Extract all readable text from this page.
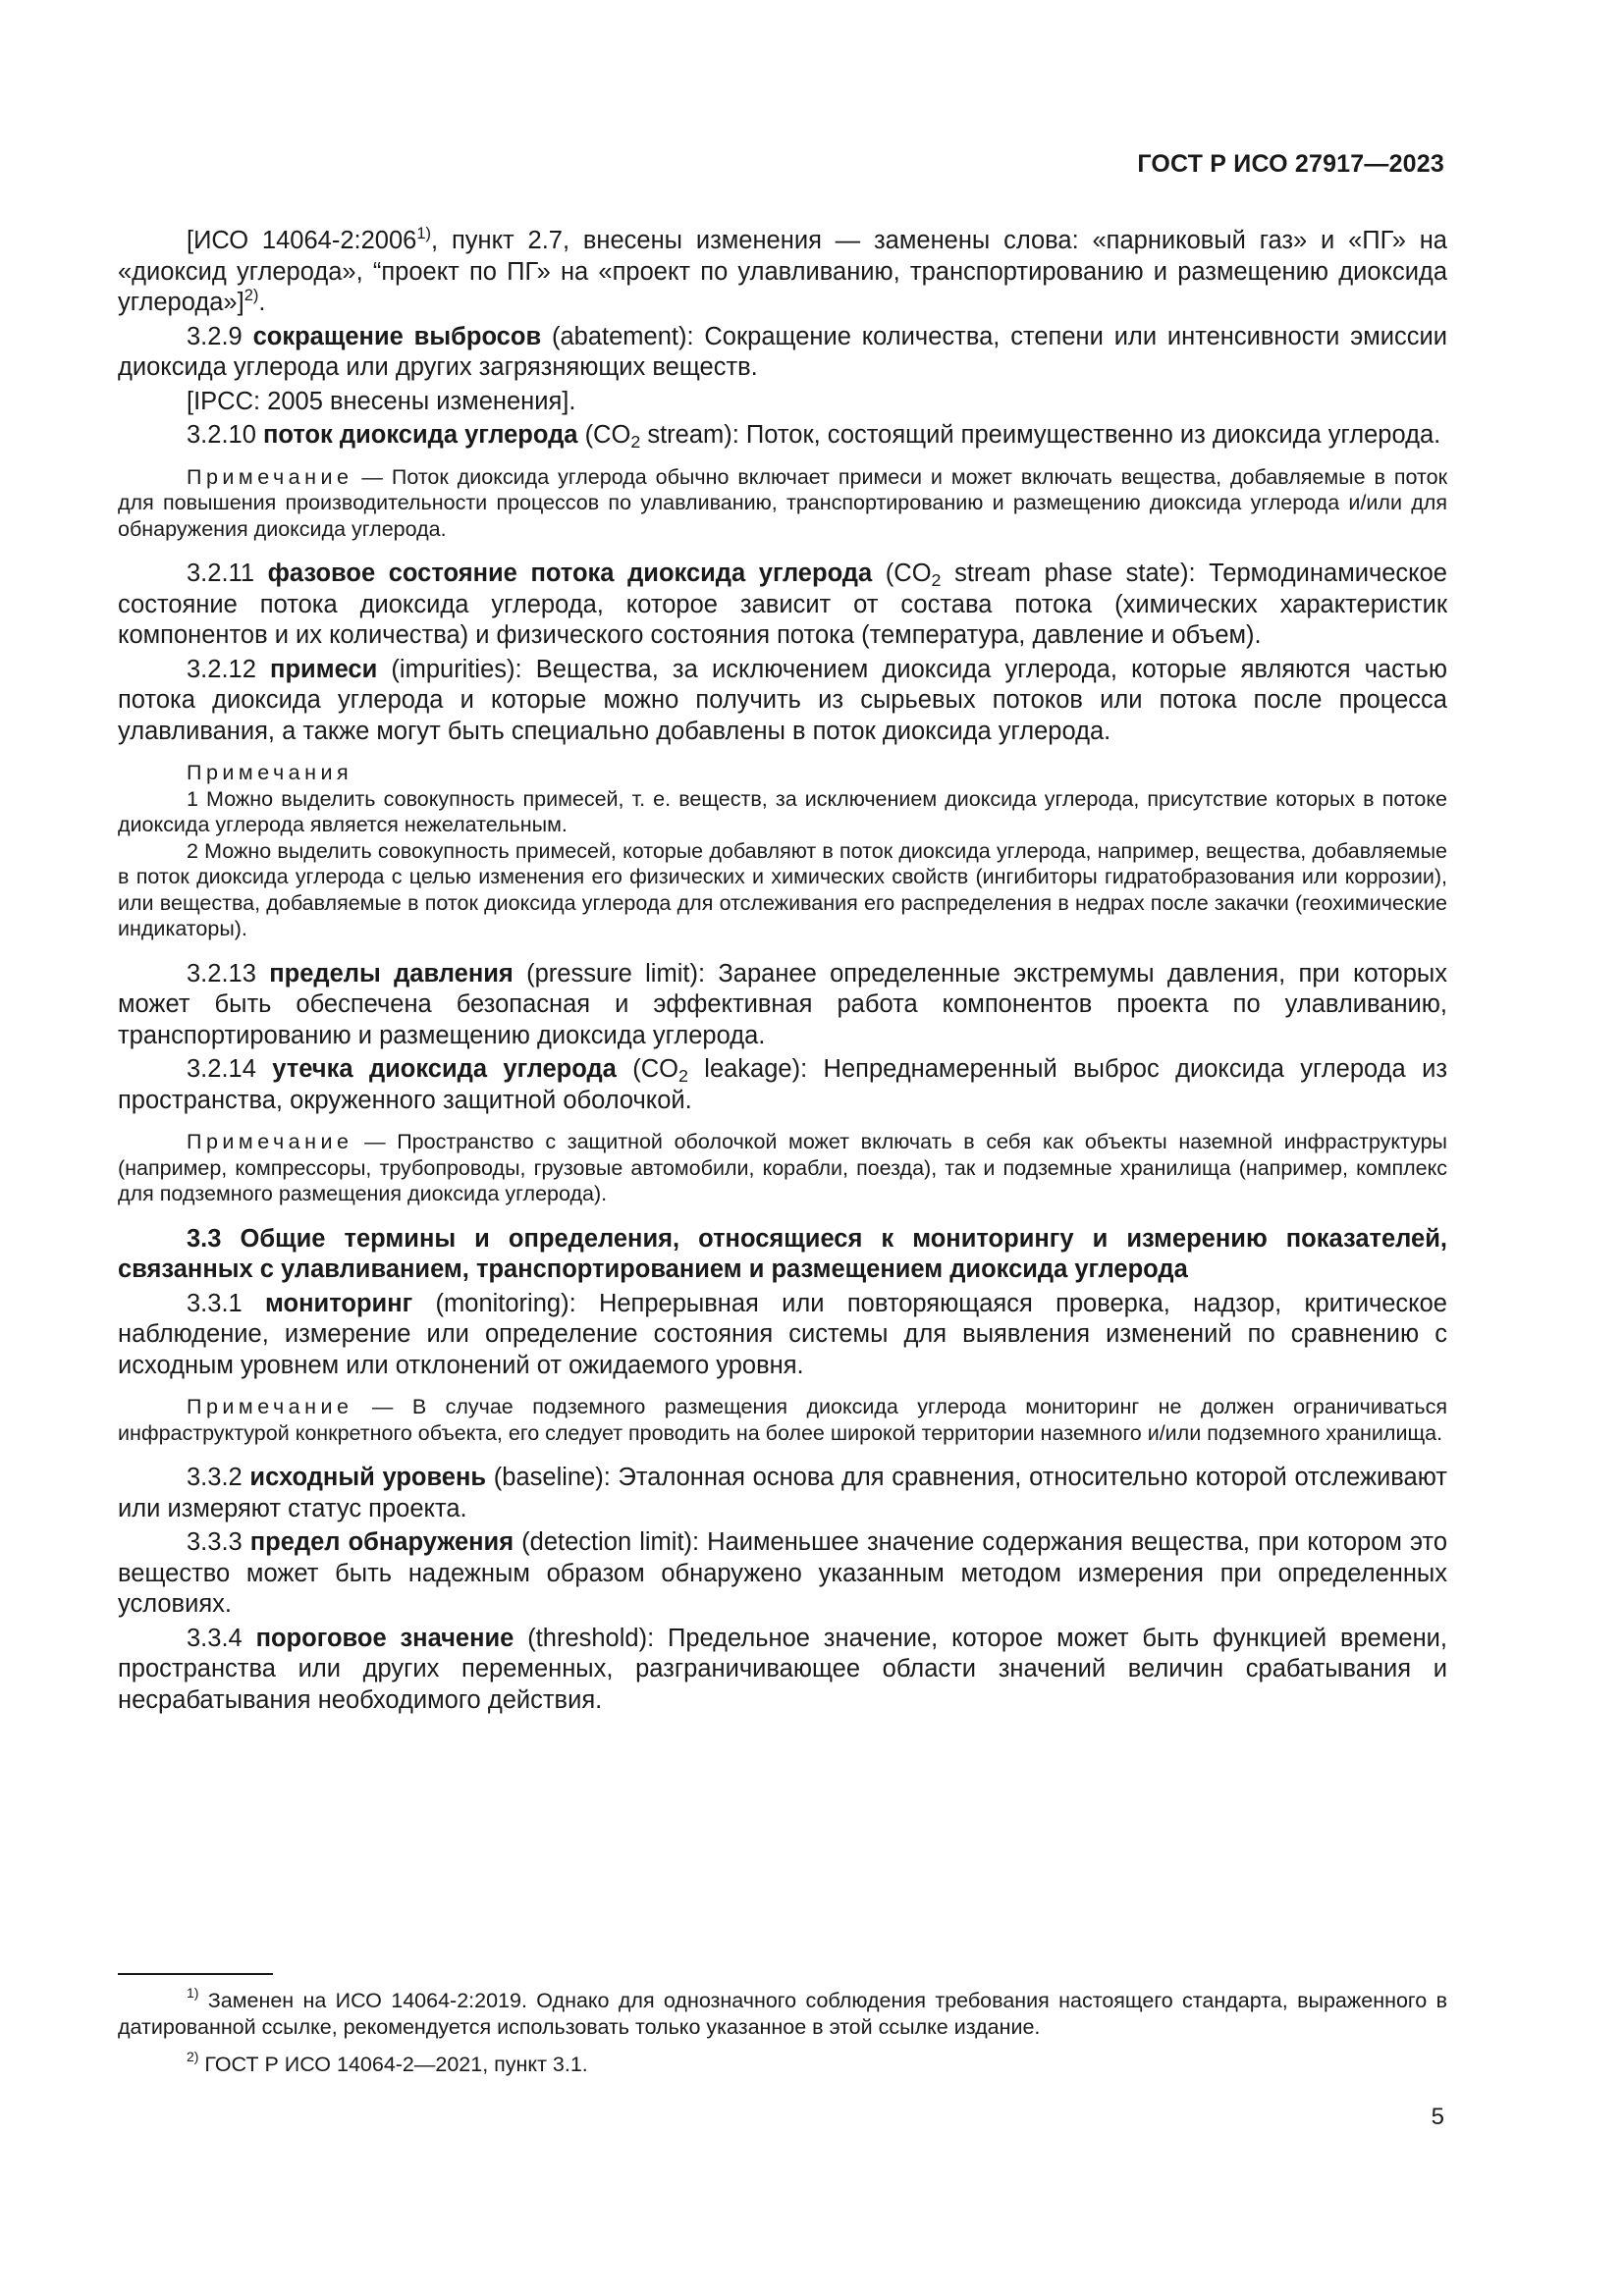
ГОСТ Р ИСО 27917—2023

[ИСО 14064-2:2006$^{1)}$, пункт 2.7, внесены изменения — заменены слова: «парниковый газ» и «ПГ» на «диоксид углерода», “проект по ПГ» на «проект по улавливанию, транспортированию и размещению диоксида углерода»]$^{2)}$.

3.2.9 сокращение выбросов (abatement): Сокращение количества, степени или интенсивности эмиссии диоксида углерода или других загрязняющих веществ.

[IPCC: 2005 внесены изменения].

3.2.10 поток диоксида углерода ($CO_2$ stream): Поток, состоящий преимущественно из диоксида углерода.

Примечание — Поток диоксида углерода обычно включает примеси и может включать вещества, добавляемые в поток для повышения производительности процессов по улавливанию, транспортированию и размещению диоксида углерода и/или для обнаружения диоксида углерода.

3.2.11 фазовое состояние потока диоксида углерода ($CO_2$ stream phase state): Термодинамическое состояние потока диоксида углерода, которое зависит от состава потока (химических характеристик компонентов и их количества) и физического состояния потока (температура, давление и объем).

3.2.12 примеси (impurities): Вещества, за исключением диоксида углерода, которые являются частью потока диоксида углерода и которые можно получить из сырьевых потоков или потока после процесса улавливания, а также могут быть специально добавлены в поток диоксида углерода.

Примечания

1 Можно выделить совокупность примесей, т. е. веществ, за исключением диоксида углерода, присутствие которых в потоке диоксида углерода является нежелательным.

2 Можно выделить совокупность примесей, которые добавляют в поток диоксида углерода, например, вещества, добавляемые в поток диоксида углерода с целью изменения его физических и химических свойств (ингибиторы гидратобразования или коррозии), или вещества, добавляемые в поток диоксида углерода для отслеживания его распределения в недрах после закачки (геохимические индикаторы).

3.2.13 пределы давления (pressure limit): Заранее определенные экстремумы давления, при которых может быть обеспечена безопасная и эффективная работа компонентов проекта по улавливанию, транспортированию и размещению диоксида углерода.

3.2.14 утечка диоксида углерода ($CO_2$ leakage): Непреднамеренный выброс диоксида углерода из пространства, окруженного защитной оболочкой.

Примечание — Пространство с защитной оболочкой может включать в себя как объекты наземной инфраструктуры (например, компрессоры, трубопроводы, грузовые автомобили, корабли, поезда), так и подземные хранилища (например, комплекс для подземного размещения диоксида углерода).

3.3 Общие термины и определения, относящиеся к мониторингу и измерению показателей, связанных с улавливанием, транспортированием и размещением диоксида углерода

3.3.1 мониторинг (monitoring): Непрерывная или повторяющаяся проверка, надзор, критическое наблюдение, измерение или определение состояния системы для выявления изменений по сравнению с исходным уровнем или отклонений от ожидаемого уровня.

Примечание — В случае подземного размещения диоксида углерода мониторинг не должен ограничиваться инфраструктурой конкретного объекта, его следует проводить на более широкой территории наземного и/или подземного хранилища.

3.3.2 исходный уровень (baseline): Эталонная основа для сравнения, относительно которой отслеживают или измеряют статус проекта.

3.3.3 предел обнаружения (detection limit): Наименьшее значение содержания вещества, при котором это вещество может быть надежным образом обнаружено указанным методом измерения при определенных условиях.

3.3.4 пороговое значение (threshold): Предельное значение, которое может быть функцией времени, пространства или других переменных, разграничивающее области значений величин срабатывания и несрабатывания необходимого действия.

$^{1)}$ Заменен на ИСО 14064-2:2019. Однако для однозначного соблюдения требования настоящего стандарта, выраженного в датированной ссылке, рекомендуется использовать только указанное в этой ссылке издание.

$^{2)}$ ГОСТ Р ИСО 14064-2—2021, пункт 3.1.

5
